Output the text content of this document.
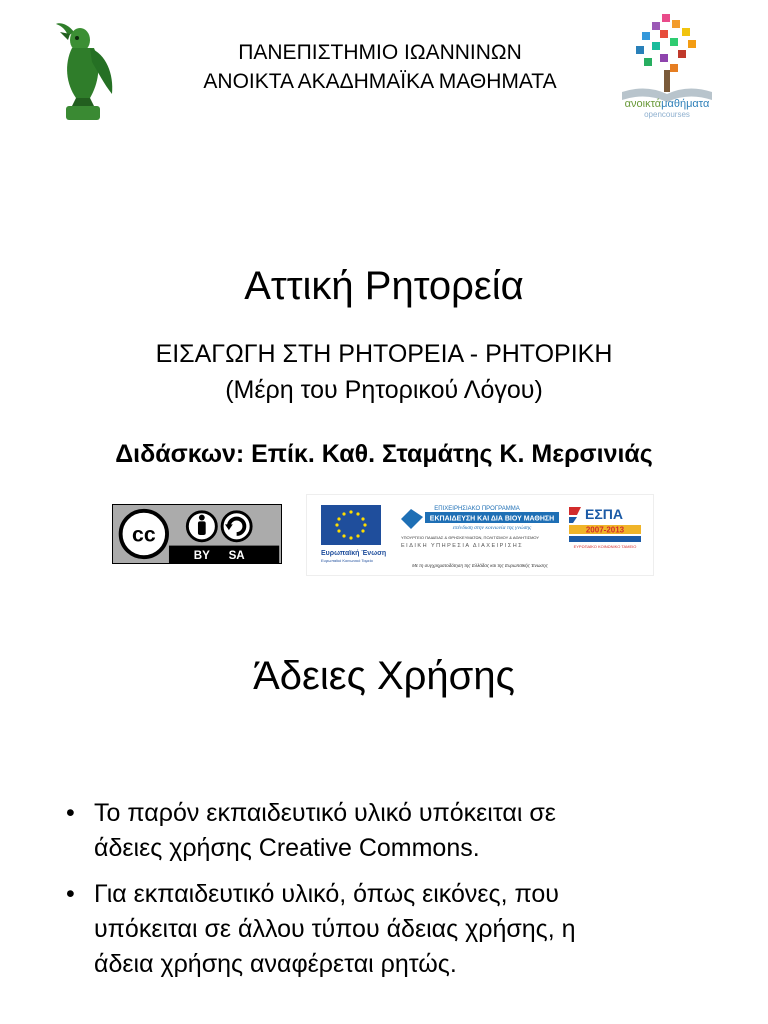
ΠΑΝΕΠΙΣΤΗΜΙΟ ΙΩΑΝΝΙΝΩΝ
ΑΝΟΙΚΤΑ ΑΚΑΔΗΜΑΪΚΑ ΜΑΘΗΜΑΤΑ
ανοικτάμαθήματα
opencourses
Αττική Ρητορεία
ΕΙΣΑΓΩΓΗ ΣΤΗ ΡΗΤΟΡΕΙΑ - ΡΗΤΟΡΙΚΗ
(Μέρη του Ρητορικού Λόγου)
Διδάσκων: Επίκ. Καθ. Σταμάτης Κ. Μερσινιάς
cc
BY SA	Ευρωπαϊκή Ένωση
Ευρωπαϊκό Κοινωνικό Ταμείο
ΕΠΙΧΕΙΡΗΣΙΑΚΟ ΠΡΟΓΡΑΜΜΑ
ΕΚΠΑΙΔΕΥΣΗ ΚΑΙ ΔΙΑ ΒΙΟΥ ΜΑΘΗΣΗ
επένδυση στην κοινωνία της γνώσης
ΥΠΟΥΡΓΕΙΟ ΠΑΙΔΕΙΑΣ & ΘΡΗΣΚΕΥΜΑΤΩΝ, ΠΟΛΙΤΙΣΜΟΥ & ΑΘΛΗΤΙΣΜΟΥ
ΕΙΔΙΚΗ ΥΠΗΡΕΣΙΑ ΔΙΑΧΕΙΡΙΣΗΣ
ΕΣΠΑ
2007-2013
ΕΥΡΩΠΑΪΚΟ ΚΟΙΝΩΝΙΚΟ ΤΑΜΕΙΟ
Με τη συγχρηματοδότηση της Ελλάδας και της Ευρωπαϊκής Ένωσης
Άδειες Χρήσης
• Το παρόν εκπαιδευτικό υλικό υπόκειται σε
άδειες χρήσης Creative Commons.
• Για εκπαιδευτικό υλικό, όπως εικόνες, που
υπόκειται σε άλλου τύπου άδειας χρήσης, η
άδεια χρήσης αναφέρεται ρητώς.
